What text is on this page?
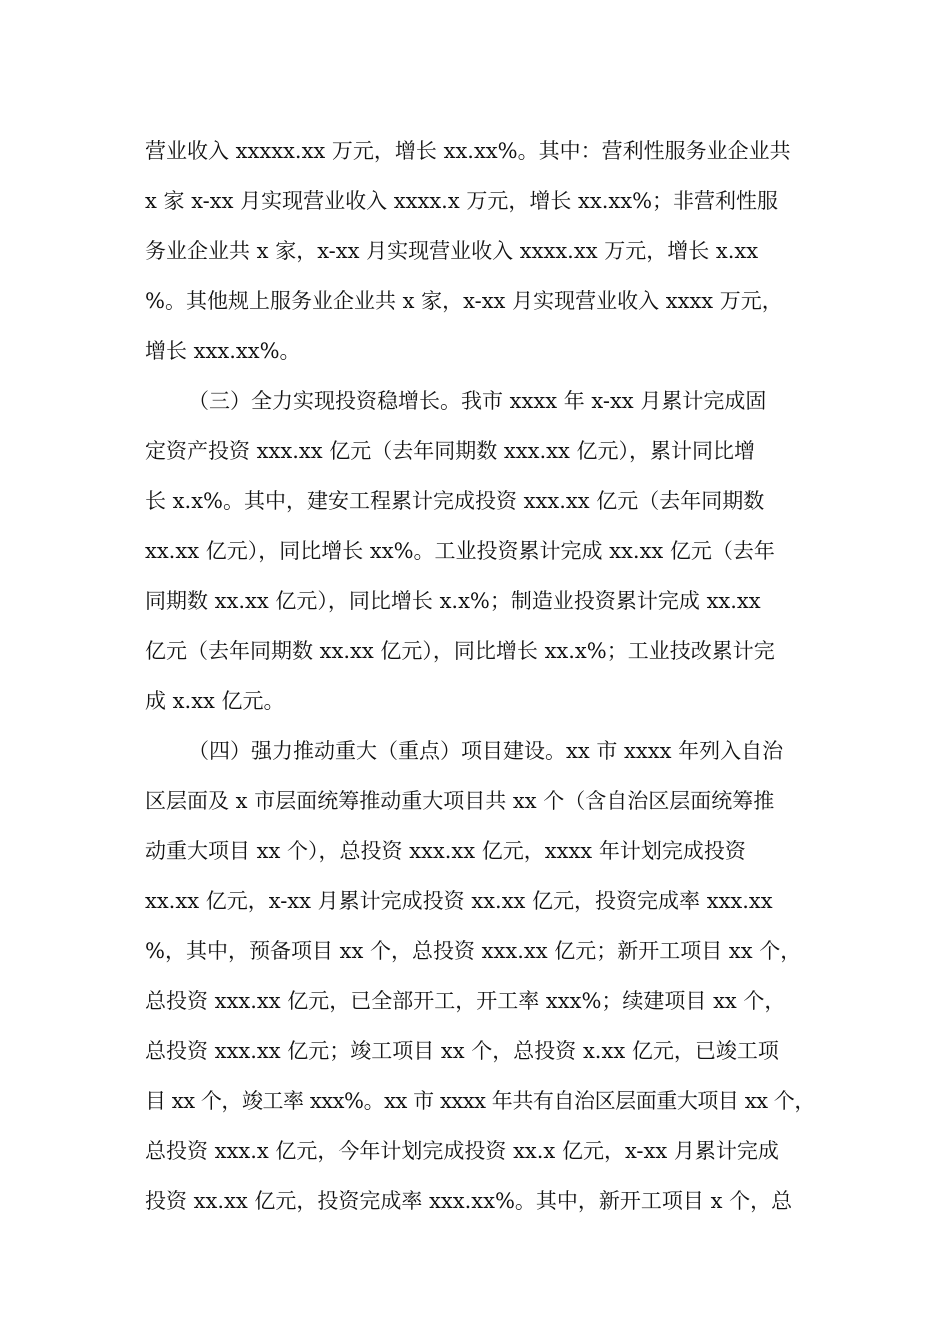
营业收入 xxxxx.xx 万元，增长 xx.xx%。其中：营利性服务业企业共

x 家 x-xx 月实现营业收入 xxxx.x 万元，增长 xx.xx%；非营利性服

务业企业共 x 家，x-xx 月实现营业收入 xxxx.xx 万元，增长 x.xx

%。其他规上服务业企业共 x 家，x-xx 月实现营业收入 xxxx 万元，

增长 xxx.xx%。

（三）全力实现投资稳增长。我市 xxxx 年 x-xx 月累计完成固

定资产投资 xxx.xx 亿元（去年同期数 xxx.xx 亿元），累计同比增

长 x.x%。其中，建安工程累计完成投资 xxx.xx 亿元（去年同期数

xx.xx 亿元），同比增长 xx%。工业投资累计完成 xx.xx 亿元（去年

同期数 xx.xx 亿元），同比增长 x.x%；制造业投资累计完成 xx.xx

亿元（去年同期数 xx.xx 亿元），同比增长 xx.x%；工业技改累计完

成 x.xx 亿元。

（四）强力推动重大（重点）项目建设。xx 市 xxxx 年列入自治

区层面及 x 市层面统筹推动重大项目共 xx 个（含自治区层面统筹推

动重大项目 xx 个），总投资 xxx.xx 亿元，xxxx 年计划完成投资

xx.xx 亿元，x-xx 月累计完成投资 xx.xx 亿元，投资完成率 xxx.xx

%，其中，预备项目 xx 个，总投资 xxx.xx 亿元；新开工项目 xx 个，

总投资 xxx.xx 亿元，已全部开工，开工率 xxx%；续建项目 xx 个，

总投资 xxx.xx 亿元；竣工项目 xx 个，总投资 x.xx 亿元，已竣工项

目 xx 个，竣工率 xxx%。xx 市 xxxx 年共有自治区层面重大项目 xx 个，

总投资 xxx.x 亿元，今年计划完成投资 xx.x 亿元，x-xx 月累计完成

投资 xx.xx 亿元，投资完成率 xxx.xx%。其中，新开工项目 x 个，总
